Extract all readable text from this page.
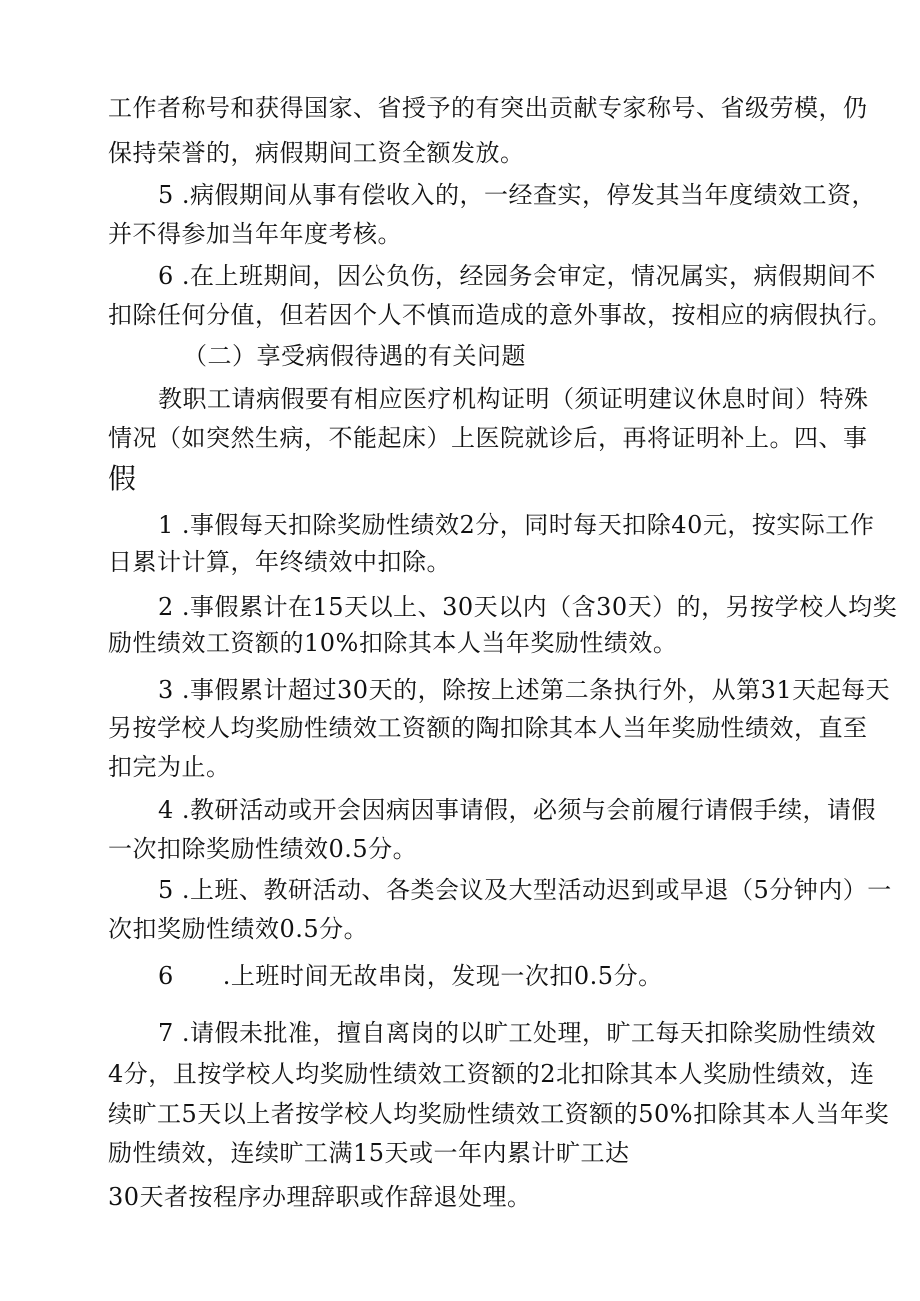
工作者称号和获得国家、省授予的有突出贡献专家称号、省级劳模，仍
保持荣誉的，病假期间工资全额发放。
5 .病假期间从事有偿收入的，一经查实，停发其当年度绩效工资，
并不得参加当年年度考核。
6 .在上班期间，因公负伤，经园务会审定，情况属实，病假期间不
扣除任何分值，但若因个人不慎而造成的意外事故，按相应的病假执行。
（二）享受病假待遇的有关问题
教职工请病假要有相应医疗机构证明（须证明建议休息时间）特殊
情况（如突然生病，不能起床）上医院就诊后，再将证明补上。四、事
假
1 .事假每天扣除奖励性绩效2分，同时每天扣除40元，按实际工作
日累计计算，年终绩效中扣除。
2 .事假累计在15天以上、30天以内（含30天）的，另按学校人均奖
励性绩效工资额的10%扣除其本人当年奖励性绩效。
3 .事假累计超过30天的，除按上述第二条执行外，从第31天起每天
另按学校人均奖励性绩效工资额的陶扣除其本人当年奖励性绩效，直至
扣完为止。
4 .教研活动或开会因病因事请假，必须与会前履行请假手续，请假
一次扣除奖励性绩效0.5分。
5 .上班、教研活动、各类会议及大型活动迟到或早退（5分钟内）一
次扣奖励性绩效0.5分。
6　　.上班时间无故串岗，发现一次扣0.5分。
7 .请假未批准，擅自离岗的以旷工处理，旷工每天扣除奖励性绩效
4分，且按学校人均奖励性绩效工资额的2北扣除其本人奖励性绩效，连
续旷工5天以上者按学校人均奖励性绩效工资额的50%扣除其本人当年奖
励性绩效，连续旷工满15天或一年内累计旷工达
30天者按程序办理辞职或作辞退处理。
